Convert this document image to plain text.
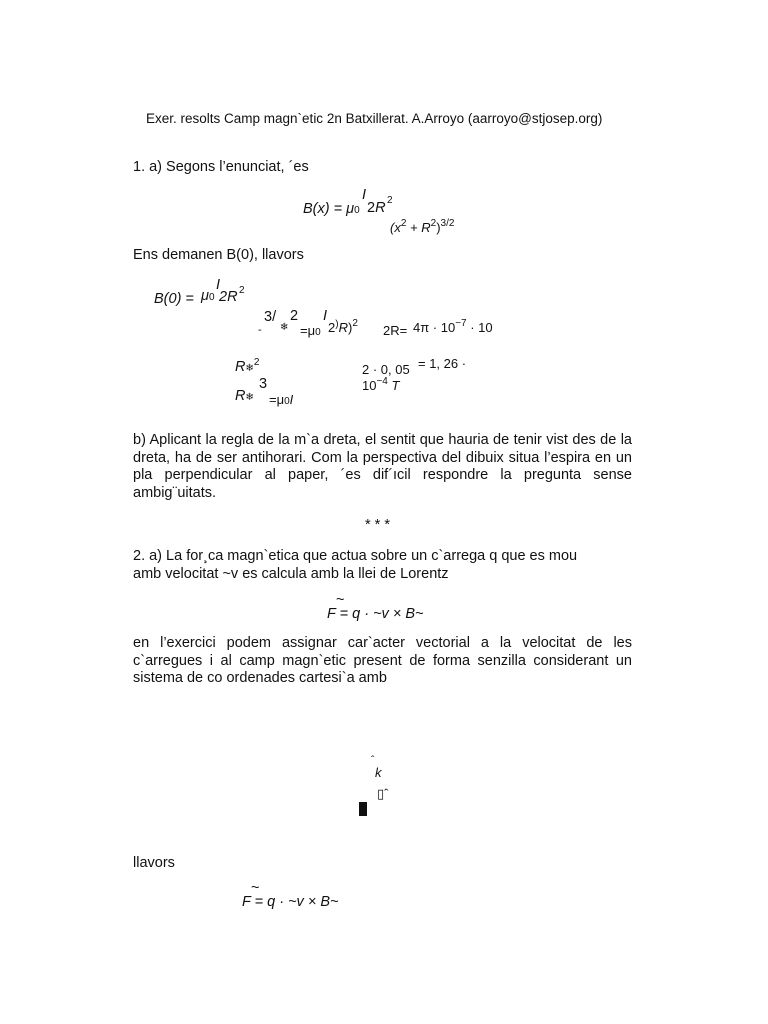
Exer. resolts Camp magn`etic 2n Batxillerat. A.Arroyo (aarroyo@stjosep.org)
1. a) Segons l’enunciat, ´es
B(x) = μ0
I
2R 2
$(x^2 + R^2)^{3/2}$
Ens demanen B(0), llavors
B(0) = μ0
I
2R 2
-
3/ 2
❄ =μ0
I
2)R)$^2$ $2R= 4\pi \cdot 10^{-7} \cdot 10$
R❄$^2$
3
R❄ =μ0I
2 · 0, 05 = 1, 26 ·
$10^{-4}$ T
b) Aplicant la regla de la m`a dreta, el sentit que hauria de tenir vist des de la dreta, ha de ser antihorari. Com la perspectiva del dibuix situa l’espira en un pla perpendicular al paper, ´es dif´ıcil respondre la pregunta sense ambig¨uitats.
* * *
2. a) La for¸ca magn`etica que actua sobre un c`arrega q que es mou
amb velocitat ~v es calcula amb la llei de Lorentz
~
F = q · ~v × B~
en l’exercici podem assignar car`acter vectorial a la velocitat de les c`arregues i al camp magn`etic present de forma senzilla considerant un sistema de co ordenades cartesi`a amb
ˆ
k
▯ˆ
llavors
~
F = q · ~v × B~
